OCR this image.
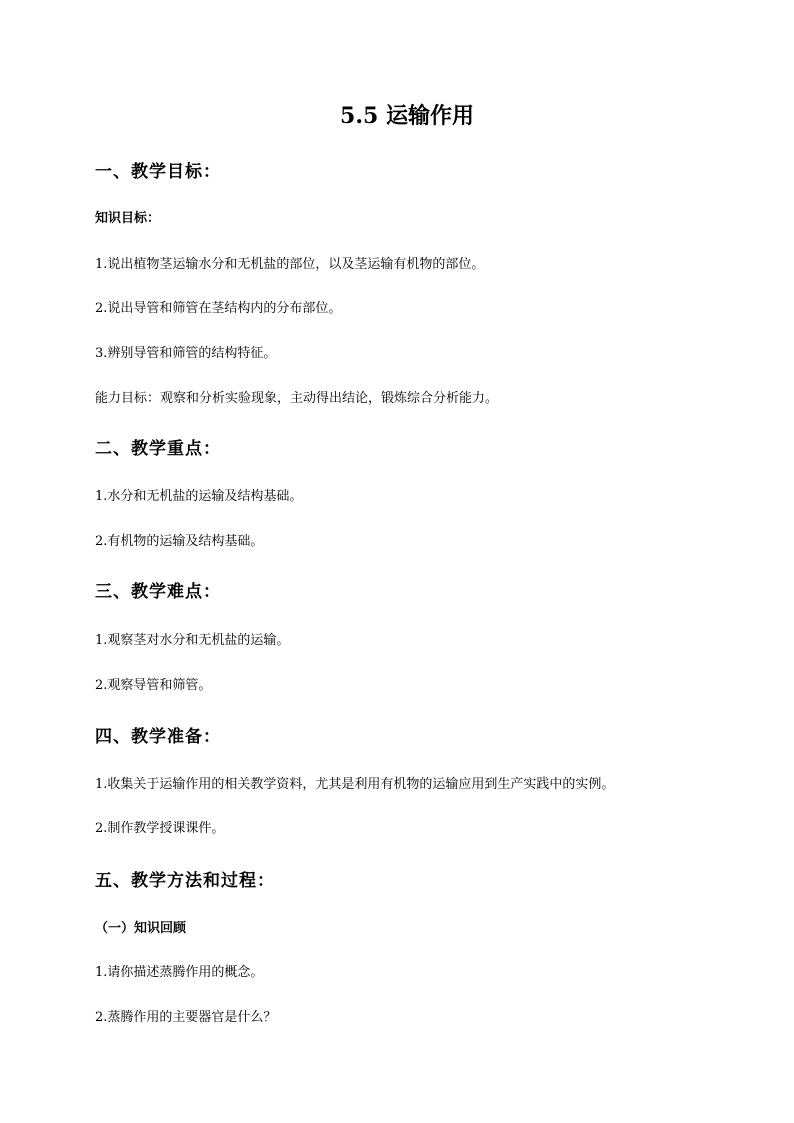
5.5 运输作用
一、教学目标：
知识目标：

1.说出植物茎运输水分和无机盐的部位，以及茎运输有机物的部位。

2.说出导管和筛管在茎结构内的分布部位。

3.辨别导管和筛管的结构特征。

能力目标：观察和分析实验现象，主动得出结论，锻炼综合分析能力。

二、教学重点：

1.水分和无机盐的运输及结构基础。

2.有机物的运输及结构基础。

三、教学难点：

1.观察茎对水分和无机盐的运输。

2.观察导管和筛管。

四、教学准备：

1.收集关于运输作用的相关教学资料，尤其是利用有机物的运输应用到生产实践中的实例。

2.制作教学授课课件。

五、教学方法和过程：
（一）知识回顾

1.请你描述蒸腾作用的概念。

2.蒸腾作用的主要器官是什么？
